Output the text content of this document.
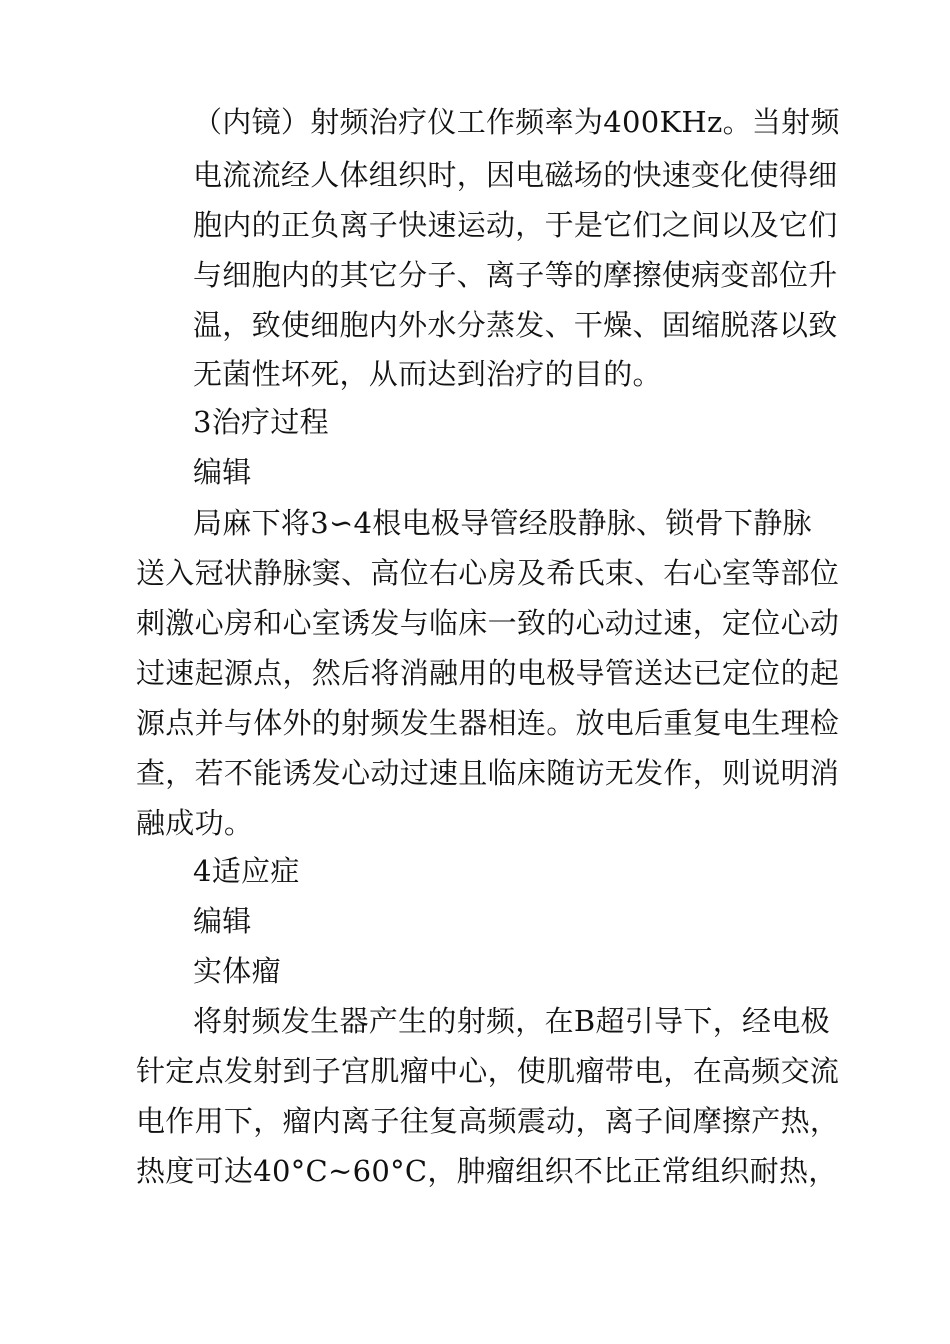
（内镜）射频治疗仪工作频率为400KHz。当射频
电流流经人体组织时，因电磁场的快速变化使得细
胞内的正负离子快速运动，于是它们之间以及它们
与细胞内的其它分子、离子等的摩擦使病变部位升
温，致使细胞内外水分蒸发、干燥、固缩脱落以致
无菌性坏死，从而达到治疗的目的。
3治疗过程
编辑
局麻下将3∽4根电极导管经股静脉、锁骨下静脉
送入冠状静脉窦、高位右心房及希氏束、右心室等部位
刺激心房和心室诱发与临床一致的心动过速，定位心动
过速起源点，然后将消融用的电极导管送达已定位的起
源点并与体外的射频发生器相连。放电后重复电生理检
查，若不能诱发心动过速且临床随访无发作，则说明消
融成功。
4适应症
编辑
实体瘤
将射频发生器产生的射频，在B超引导下，经电极
针定点发射到子宫肌瘤中心，使肌瘤带电，在高频交流
电作用下，瘤内离子往复高频震动，离子间摩擦产热，
热度可达40°C~60°C，肿瘤组织不比正常组织耐热，
